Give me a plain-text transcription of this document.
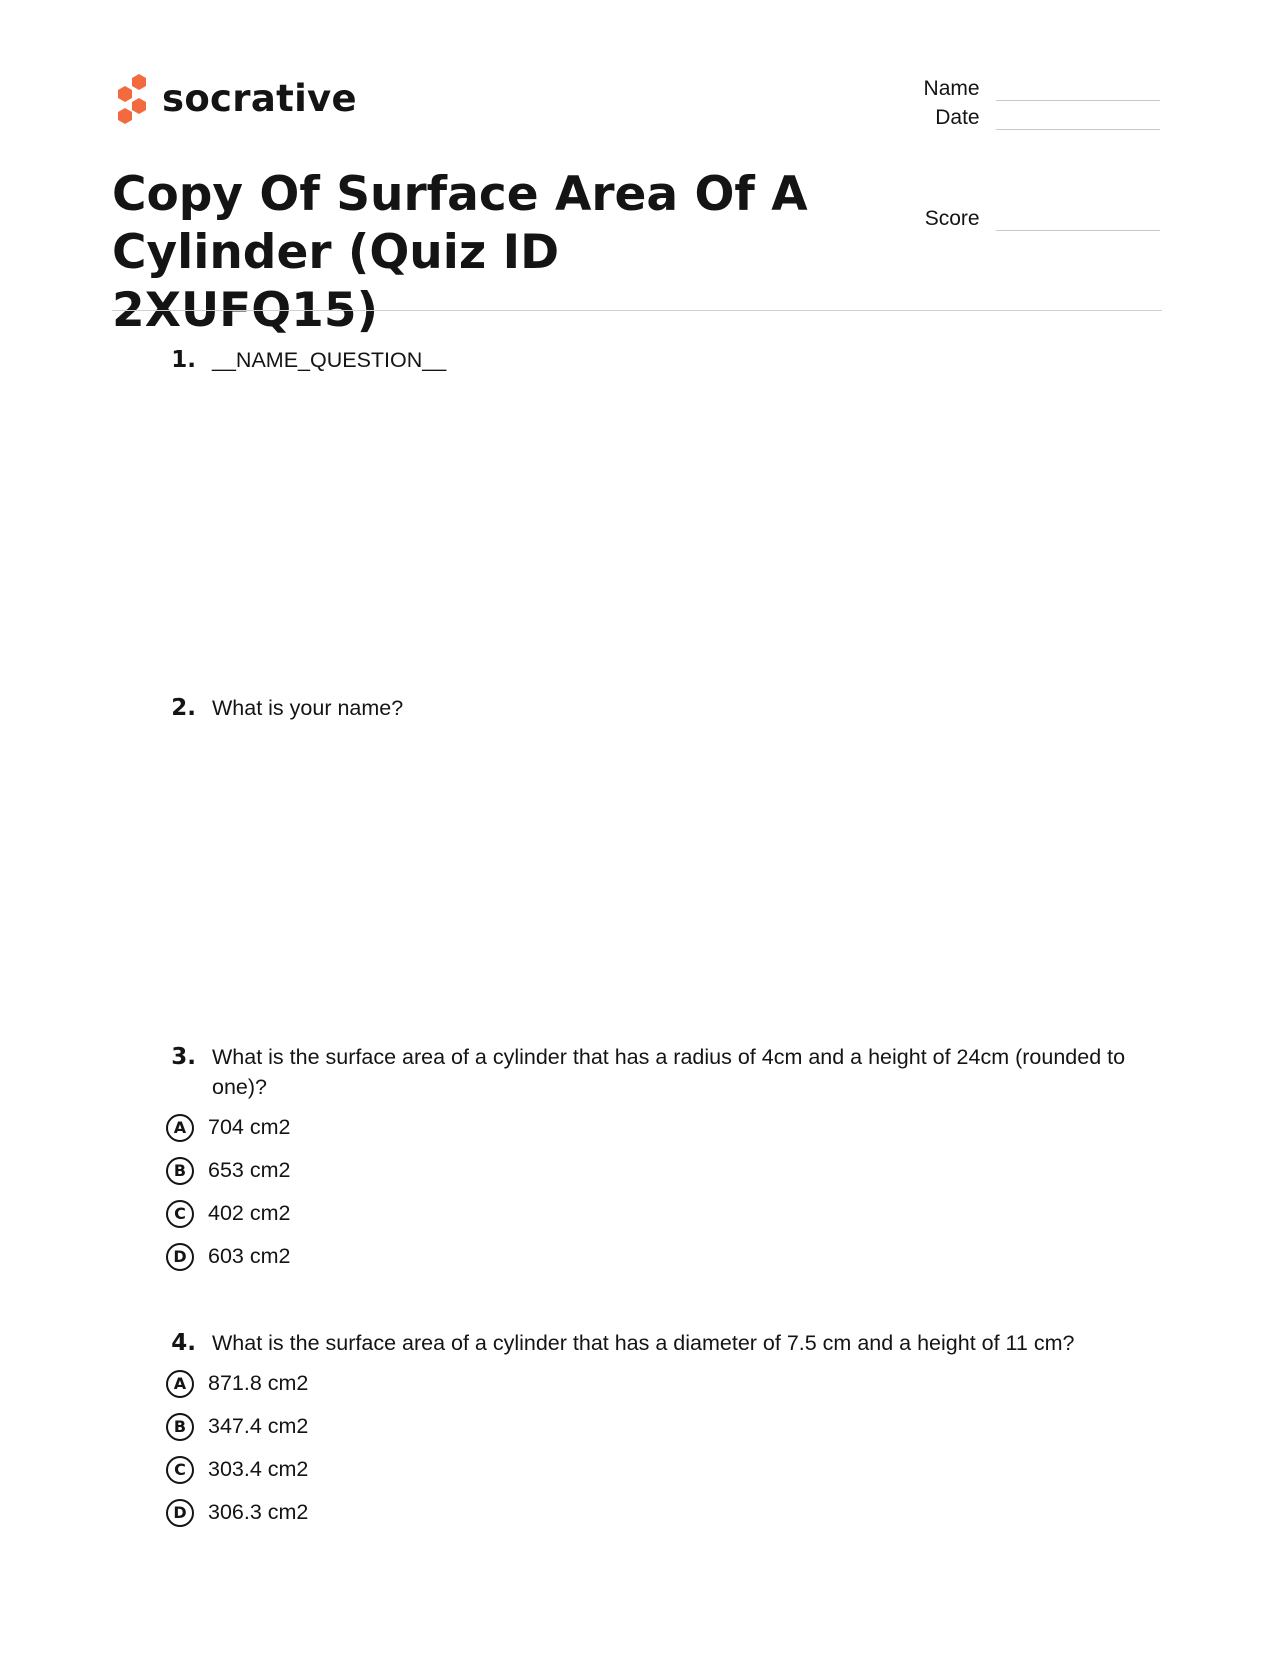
socrative	Name
Date
Score
Copy Of Surface Area Of A Cylinder (Quiz ID 2XUFQ15)
1. __NAME_QUESTION__
2. What is your name?
3. What is the surface area of a cylinder that has a radius of 4cm and a height of 24cm (rounded to one)?
A	704 cm2
B	653 cm2
C	402 cm2
D 603 cm2
4. What is the surface area of a cylinder that has a diameter of 7.5 cm and a height of 11 cm?
A	871.8 cm2
B	347.4 cm2
C	303.4 cm2
D 306.3 cm2
